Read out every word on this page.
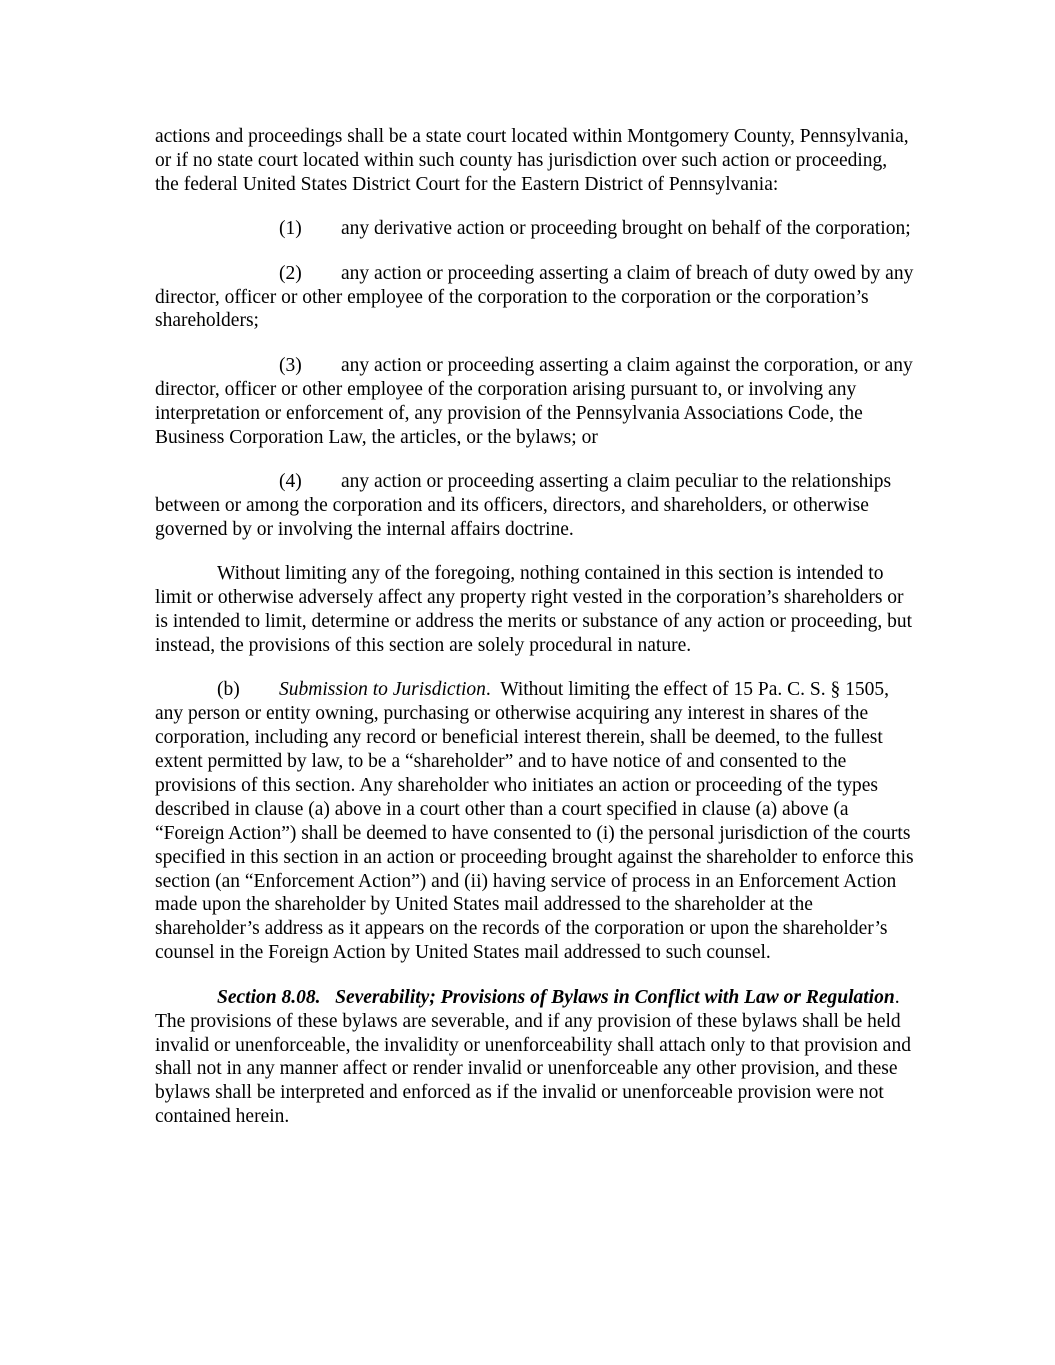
actions and proceedings shall be a state court located within Montgomery County, Pennsylvania, or if no state court located within such county has jurisdiction over such action or proceeding, the federal United States District Court for the Eastern District of Pennsylvania:

(1) any derivative action or proceeding brought on behalf of the corporation;

(2) any action or proceeding asserting a claim of breach of duty owed by any director, officer or other employee of the corporation to the corporation or the corporation’s shareholders;

(3) any action or proceeding asserting a claim against the corporation, or any director, officer or other employee of the corporation arising pursuant to, or involving any interpretation or enforcement of, any provision of the Pennsylvania Associations Code, the Business Corporation Law, the articles, or the bylaws; or

(4) any action or proceeding asserting a claim peculiar to the relationships between or among the corporation and its officers, directors, and shareholders, or otherwise governed by or involving the internal affairs doctrine.

Without limiting any of the foregoing, nothing contained in this section is intended to limit or otherwise adversely affect any property right vested in the corporation’s shareholders or is intended to limit, determine or address the merits or substance of any action or proceeding, but instead, the provisions of this section are solely procedural in nature.

(b) Submission to Jurisdiction. Without limiting the effect of 15 Pa. C. S. § 1505, any person or entity owning, purchasing or otherwise acquiring any interest in shares of the corporation, including any record or beneficial interest therein, shall be deemed, to the fullest extent permitted by law, to be a “shareholder” and to have notice of and consented to the provisions of this section. Any shareholder who initiates an action or proceeding of the types described in clause (a) above in a court other than a court specified in clause (a) above (a “Foreign Action”) shall be deemed to have consented to (i) the personal jurisdiction of the courts specified in this section in an action or proceeding brought against the shareholder to enforce this section (an “Enforcement Action”) and (ii) having service of process in an Enforcement Action made upon the shareholder by United States mail addressed to the shareholder at the shareholder’s address as it appears on the records of the corporation or upon the shareholder’s counsel in the Foreign Action by United States mail addressed to such counsel.

Section 8.08. Severability; Provisions of Bylaws in Conflict with Law or Regulation.  The provisions of these bylaws are severable, and if any provision of these bylaws shall be held invalid or unenforceable, the invalidity or unenforceability shall attach only to that provision and shall not in any manner affect or render invalid or unenforceable any other provision, and these bylaws shall be interpreted and enforced as if the invalid or unenforceable provision were not contained herein.
